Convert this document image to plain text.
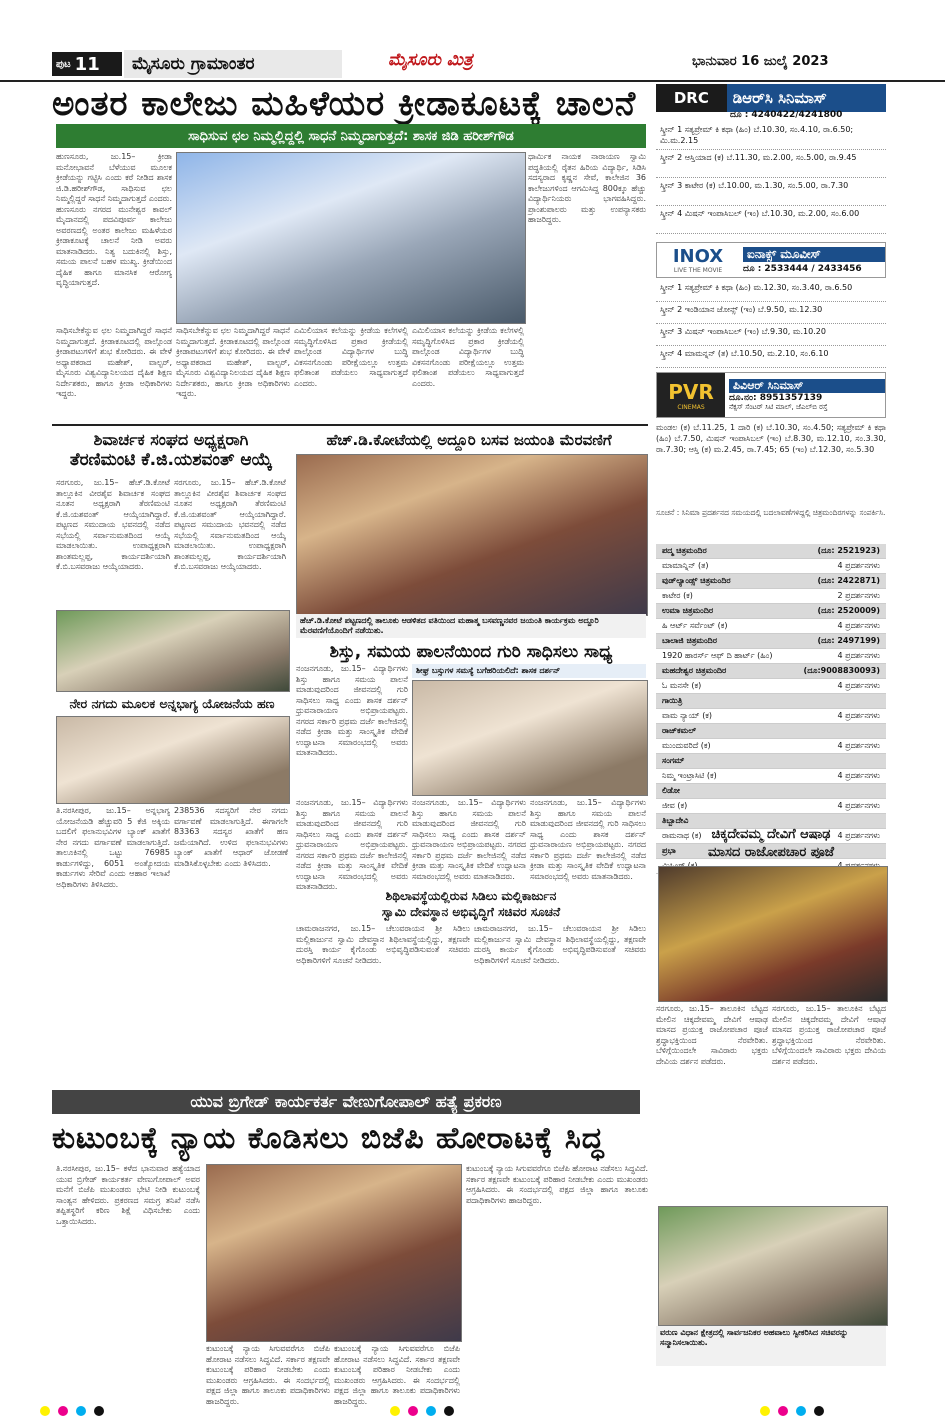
ಪುಟ 11	ಮೈಸೂರು ಗ್ರಾಮಾಂತರ	ಮೈಸೂರು ಮಿತ್ರ	ಭಾನುವಾರ 16 ಜುಲೈ 2023
ಅಂತರ ಕಾಲೇಜು ಮಹಿಳೆಯರ ಕ್ರೀಡಾಕೂಟಕ್ಕೆ ಚಾಲನೆ
ಸಾಧಿಸುವ ಛಲ ನಿಮ್ಮಲ್ಲಿದ್ದಲ್ಲಿ ಸಾಧನೆ ನಿಮ್ಮದಾಗುತ್ತದೆ: ಶಾಸಕ ಜಿಡಿ ಹರೀಶ್‍ಗೌಡ
ಹುಣಸೂರು, ಜು.15– ಕ್ರೀಡಾ ಮನೋಭಾವನೆ ಬೆಳೆಯುವ ಮೂಲಕ ಕ್ರೀಡೆಯನ್ನು ಗಟ್ಟಿಸಿ ಎಂದು ಕರೆ ನೀಡಿದ ಶಾಸಕ ಜಿ.ಡಿ.ಹರೀಶ್‍ಗೌಡ, ಸಾಧಿಸುವ ಛಲ ನಿಮ್ಮಲ್ಲಿದ್ದರೆ ಸಾಧನೆ ನಿಮ್ಮದಾಗುತ್ತದೆ ಎಂದರು. ಹುಣಸೂರು ನಗರದ ಮುನೇಶ್ವರ ಕಾವಲ್ ಮೈದಾನದಲ್ಲಿ ಪದವಿಪೂರ್ವ ಕಾಲೇಜು ಅವರಣದಲ್ಲಿ ಅಂತರ ಕಾಲೇಜು ಮಹಿಳೆಯರ ಕ್ರೀಡಾಕೂಟಕ್ಕೆ ಚಾಲನೆ ನೀಡಿ ಅವರು ಮಾತನಾಡಿದರು. ನಿತ್ಯ ಬದುಕಿನಲ್ಲಿ ಶಿಸ್ತು, ಸಮಯ ಪಾಲನೆ ಬಹಳ ಮುಖ್ಯ. ಕ್ರೀಡೆಯಿಂದ ದೈಹಿಕ ಹಾಗೂ ಮಾನಸಿಕ ಆರೋಗ್ಯ ವೃದ್ಧಿಯಾಗುತ್ತದೆ.
ಧಾರ್ಮಿಕ ನಾಯಕ ನಾರಾಯಣ ಸ್ವಾಮಿ ಪದ್ಧತಿಯಲ್ಲಿ ರೈತನ ಹಿರಿಯ ವಿದ್ಯಾರ್ಥಿ, ಸಿಡಿಸಿ ಸದಸ್ಯರಾದ ಕೃಷ್ಣನ ಸೇವೆ, ಕಾಲೇಜಿನ 36 ಕಾಲೇಜುಗಳಿಂದ ಆಗಮಿಸಿದ್ದ 800ಕ್ಕೂ ಹೆಚ್ಚು ವಿದ್ಯಾರ್ಥಿನಿಯರು ಭಾಗವಹಿಸಿದ್ದರು. ಪ್ರಾಂಶುಪಾಲರು ಮತ್ತು ಉಪನ್ಯಾಸಕರು ಹಾಜರಿದ್ದರು.
ಸಾಧಿಸಬೇಕೆನ್ನುವ ಛಲ ನಿಮ್ಮದಾಗಿದ್ದರೆ ಸಾಧನೆ ನಿಮ್ಮದಾಗುತ್ತದೆ. ಕ್ರೀಡಾಕೂಟದಲ್ಲಿ ಪಾಲ್ಗೊಂಡ ಕ್ರೀಡಾಪಟುಗಳಿಗೆ ಶುಭ ಕೋರಿದರು. ಈ ವೇಳೆ ಅಧ್ಯಾಪಕರಾದ ಮಹೇಶ್, ವಾಲ್ಟರ್, ಮೈಸೂರು ವಿಶ್ವವಿದ್ಯಾನಿಲಯದ ದೈಹಿಕ ಶಿಕ್ಷಣ ನಿರ್ದೇಶಕರು, ಹಾಗೂ ಕ್ರೀಡಾ ಅಧಿಕಾರಿಗಳು ಇದ್ದರು.
ಸಾಧಿಸಬೇಕೆನ್ನುವ ಛಲ ನಿಮ್ಮದಾಗಿದ್ದರೆ ಸಾಧನೆ ನಿಮ್ಮದಾಗುತ್ತದೆ. ಕ್ರೀಡಾಕೂಟದಲ್ಲಿ ಪಾಲ್ಗೊಂಡ ಕ್ರೀಡಾಪಟುಗಳಿಗೆ ಶುಭ ಕೋರಿದರು. ಈ ವೇಳೆ ಅಧ್ಯಾಪಕರಾದ ಮಹೇಶ್, ವಾಲ್ಟರ್, ಮೈಸೂರು ವಿಶ್ವವಿದ್ಯಾನಿಲಯದ ದೈಹಿಕ ಶಿಕ್ಷಣ ನಿರ್ದೇಶಕರು, ಹಾಗೂ ಕ್ರೀಡಾ ಅಧಿಕಾರಿಗಳು ಇದ್ದರು.
ಎಮಿಲಿಯಾಸ ಕಲೆಯನ್ನು ಕ್ರೀಡೆಯ ಕಲೆಗಳಲ್ಲಿ ಸಮೃದ್ಧಿಗೊಳಿಸಿದ ಪ್ರಕಾರ ಕ್ರೀಡೆಯಲ್ಲಿ ಪಾಲ್ಗೊಂಡ ವಿದ್ಯಾರ್ಥಿಗಳ ಬುದ್ಧಿ ವಿಕಸನಗೊಂಡು ಪರೀಕ್ಷೆಯಲ್ಲೂ ಉತ್ತಮ ಫಲಿತಾಂಶ ಪಡೆಯಲು ಸಾಧ್ಯವಾಗುತ್ತದೆ ಎಂದರು.
ಎಮಿಲಿಯಾಸ ಕಲೆಯನ್ನು ಕ್ರೀಡೆಯ ಕಲೆಗಳಲ್ಲಿ ಸಮೃದ್ಧಿಗೊಳಿಸಿದ ಪ್ರಕಾರ ಕ್ರೀಡೆಯಲ್ಲಿ ಪಾಲ್ಗೊಂಡ ವಿದ್ಯಾರ್ಥಿಗಳ ಬುದ್ಧಿ ವಿಕಸನಗೊಂಡು ಪರೀಕ್ಷೆಯಲ್ಲೂ ಉತ್ತಮ ಫಲಿತಾಂಶ ಪಡೆಯಲು ಸಾಧ್ಯವಾಗುತ್ತದೆ ಎಂದರು.
ಶಿವಾರ್ಚಕ ಸಂಘದ ಅಧ್ಯಕ್ಷರಾಗಿ
ತೆರಣಿಮಂಟಿ ಕೆ.ಜಿ.ಯಶವಂತ್ ಆಯ್ಕೆ
ಸರಗೂರು, ಜು.15– ಹೆಚ್.ಡಿ.ಕೋಟೆ ತಾಲ್ಲೂಕಿನ ವೀರಶೈವ ಶಿವಾರ್ಚಕ ಸಂಘದ ನೂತನ ಅಧ್ಯಕ್ಷರಾಗಿ ತೆರಣಿಮಂಟಿ ಕೆ.ಜಿ.ಯಶವಂತ್ ಆಯ್ಕೆಯಾಗಿದ್ದಾರೆ. ಪಟ್ಟಣದ ಸಮುದಾಯ ಭವನದಲ್ಲಿ ನಡೆದ ಸಭೆಯಲ್ಲಿ ಸರ್ವಾನುಮತದಿಂದ ಆಯ್ಕೆ ಮಾಡಲಾಯಿತು. ಉಪಾಧ್ಯಕ್ಷರಾಗಿ ಶಾಂತಮಲ್ಲಪ್ಪ, ಕಾರ್ಯದರ್ಶಿಯಾಗಿ ಕೆ.ಬಿ.ಬಸವರಾಜು ಆಯ್ಕೆಯಾದರು.
ಸರಗೂರು, ಜು.15– ಹೆಚ್.ಡಿ.ಕೋಟೆ ತಾಲ್ಲೂಕಿನ ವೀರಶೈವ ಶಿವಾರ್ಚಕ ಸಂಘದ ನೂತನ ಅಧ್ಯಕ್ಷರಾಗಿ ತೆರಣಿಮಂಟಿ ಕೆ.ಜಿ.ಯಶವಂತ್ ಆಯ್ಕೆಯಾಗಿದ್ದಾರೆ. ಪಟ್ಟಣದ ಸಮುದಾಯ ಭವನದಲ್ಲಿ ನಡೆದ ಸಭೆಯಲ್ಲಿ ಸರ್ವಾನುಮತದಿಂದ ಆಯ್ಕೆ ಮಾಡಲಾಯಿತು. ಉಪಾಧ್ಯಕ್ಷರಾಗಿ ಶಾಂತಮಲ್ಲಪ್ಪ, ಕಾರ್ಯದರ್ಶಿಯಾಗಿ ಕೆ.ಬಿ.ಬಸವರಾಜು ಆಯ್ಕೆಯಾದರು.
ಹೆಚ್.ಡಿ.ಕೋಟೆಯಲ್ಲಿ ಅದ್ದೂರಿ ಬಸವ ಜಯಂತಿ ಮೆರವಣಿಗೆ
ಹೆಚ್.ಡಿ.ಕೋಟೆ ಪಟ್ಟಣದಲ್ಲಿ ತಾಲೂಕು ಆಡಳಿತದ ವತಿಯಿಂದ ಮಹಾತ್ಮ ಬಸವಣ್ಣನವರ ಜಯಂತಿ ಕಾರ್ಯಕ್ರಮ ಅದ್ದೂರಿ ಮೆರವಣಿಗೆಯೊಂದಿಗೆ ನಡೆಯಿತು.
ಶಿಸ್ತು, ಸಮಯ ಪಾಲನೆಯಿಂದ ಗುರಿ ಸಾಧಿಸಲು ಸಾಧ್ಯ
ನಂಜನಗೂಡು, ಜು.15– ವಿದ್ಯಾರ್ಥಿಗಳು ಶಿಸ್ತು ಹಾಗೂ ಸಮಯ ಪಾಲನೆ ಮಾಡುವುದರಿಂದ ಜೀವನದಲ್ಲಿ ಗುರಿ ಸಾಧಿಸಲು ಸಾಧ್ಯ ಎಂದು ಶಾಸಕ ದರ್ಶನ್ ಧ್ರುವನಾರಾಯಣ ಅಭಿಪ್ರಾಯಪಟ್ಟರು. ನಗರದ ಸರ್ಕಾರಿ ಪ್ರಥಮ ದರ್ಜೆ ಕಾಲೇಜಿನಲ್ಲಿ ನಡೆದ ಕ್ರೀಡಾ ಮತ್ತು ಸಾಂಸ್ಕೃತಿಕ ವೇದಿಕೆ ಉದ್ಘಾಟನಾ ಸಮಾರಂಭದಲ್ಲಿ ಅವರು ಮಾತನಾಡಿದರು.
ಶೀಘ್ರ ಬಸ್ಸುಗಳ ಸಮಸ್ಯೆ ಬಗೆಹರಿಯಲಿದೆ: ಶಾಸಕ ದರ್ಶನ್
ನಂಜನಗೂಡು, ಜು.15– ವಿದ್ಯಾರ್ಥಿಗಳು ಶಿಸ್ತು ಹಾಗೂ ಸಮಯ ಪಾಲನೆ ಮಾಡುವುದರಿಂದ ಜೀವನದಲ್ಲಿ ಗುರಿ ಸಾಧಿಸಲು ಸಾಧ್ಯ ಎಂದು ಶಾಸಕ ದರ್ಶನ್ ಧ್ರುವನಾರಾಯಣ ಅಭಿಪ್ರಾಯಪಟ್ಟರು. ನಗರದ ಸರ್ಕಾರಿ ಪ್ರಥಮ ದರ್ಜೆ ಕಾಲೇಜಿನಲ್ಲಿ ನಡೆದ ಕ್ರೀಡಾ ಮತ್ತು ಸಾಂಸ್ಕೃತಿಕ ವೇದಿಕೆ ಉದ್ಘಾಟನಾ ಸಮಾರಂಭದಲ್ಲಿ ಅವರು ಮಾತನಾಡಿದರು.
ನಂಜನಗೂಡು, ಜು.15– ವಿದ್ಯಾರ್ಥಿಗಳು ಶಿಸ್ತು ಹಾಗೂ ಸಮಯ ಪಾಲನೆ ಮಾಡುವುದರಿಂದ ಜೀವನದಲ್ಲಿ ಗುರಿ ಸಾಧಿಸಲು ಸಾಧ್ಯ ಎಂದು ಶಾಸಕ ದರ್ಶನ್ ಧ್ರುವನಾರಾಯಣ ಅಭಿಪ್ರಾಯಪಟ್ಟರು. ನಗರದ ಸರ್ಕಾರಿ ಪ್ರಥಮ ದರ್ಜೆ ಕಾಲೇಜಿನಲ್ಲಿ ನಡೆದ ಕ್ರೀಡಾ ಮತ್ತು ಸಾಂಸ್ಕೃತಿಕ ವೇದಿಕೆ ಉದ್ಘಾಟನಾ ಸಮಾರಂಭದಲ್ಲಿ ಅವರು ಮಾತನಾಡಿದರು.
ನಂಜನಗೂಡು, ಜು.15– ವಿದ್ಯಾರ್ಥಿಗಳು ಶಿಸ್ತು ಹಾಗೂ ಸಮಯ ಪಾಲನೆ ಮಾಡುವುದರಿಂದ ಜೀವನದಲ್ಲಿ ಗುರಿ ಸಾಧಿಸಲು ಸಾಧ್ಯ ಎಂದು ಶಾಸಕ ದರ್ಶನ್ ಧ್ರುವನಾರಾಯಣ ಅಭಿಪ್ರಾಯಪಟ್ಟರು. ನಗರದ ಸರ್ಕಾರಿ ಪ್ರಥಮ ದರ್ಜೆ ಕಾಲೇಜಿನಲ್ಲಿ ನಡೆದ ಕ್ರೀಡಾ ಮತ್ತು ಸಾಂಸ್ಕೃತಿಕ ವೇದಿಕೆ ಉದ್ಘಾಟನಾ ಸಮಾರಂಭದಲ್ಲಿ ಅವರು ಮಾತನಾಡಿದರು.
ನೇರ ನಗದು ಮೂಲಕ ಅನ್ನಭಾಗ್ಯ ಯೋಜನೆಯ ಹಣ
ತಿ.ನರಸೀಪುರ, ಜು.15– ಅನ್ನಭಾಗ್ಯ ಯೋಜನೆಯಡಿ ಹೆಚ್ಚುವರಿ 5 ಕೆಜಿ ಅಕ್ಕಿಯ ಬದಲಿಗೆ ಫಲಾನುಭವಿಗಳ ಬ್ಯಾಂಕ್ ಖಾತೆಗೆ ನೇರ ನಗದು ವರ್ಗಾವಣೆ ಮಾಡಲಾಗುತ್ತಿದೆ. ತಾಲೂಕಿನಲ್ಲಿ ಒಟ್ಟು 76985 ಕಾರ್ಡುಗಳಿದ್ದು, 6051 ಅಂತ್ಯೋದಯ ಕಾರ್ಡುಗಳು ಸೇರಿವೆ ಎಂದು ಆಹಾರ ಇಲಾಖೆ ಅಧಿಕಾರಿಗಳು ತಿಳಿಸಿದರು.
238536 ಸದಸ್ಯರಿಗೆ ನೇರ ನಗದು ವರ್ಗಾವಣೆ ಮಾಡಲಾಗುತ್ತಿದೆ. ಈಗಾಗಲೇ 83363 ಸದಸ್ಯರ ಖಾತೆಗೆ ಹಣ ಜಮೆಯಾಗಿದೆ. ಉಳಿದ ಫಲಾನುಭವಿಗಳು ಬ್ಯಾಂಕ್ ಖಾತೆಗೆ ಆಧಾರ್ ಜೋಡಣೆ ಮಾಡಿಸಿಕೊಳ್ಳಬೇಕು ಎಂದು ತಿಳಿಸಿದರು.
ಶಿಥಿಲಾವಸ್ಥೆಯಲ್ಲಿರುವ ಸಿಡಿಲು ಮಲ್ಲಿಕಾರ್ಜುನ
ಸ್ವಾಮಿ ದೇವಸ್ಥಾನ ಅಭಿವೃದ್ಧಿಗೆ ಸಚಿವರ ಸೂಚನೆ
ಚಾಮರಾಜನಗರ, ಜು.15– ಚೆಲುವರಾಯನ ಶ್ರೀ ಸಿಡಿಲು ಮಲ್ಲಿಕಾರ್ಜುನ ಸ್ವಾಮಿ ದೇವಸ್ಥಾನ ಶಿಥಿಲಾವಸ್ಥೆಯಲ್ಲಿದ್ದು, ತಕ್ಷಣವೇ ದುರಸ್ತಿ ಕಾರ್ಯ ಕೈಗೊಂಡು ಅಭಿವೃದ್ಧಿಪಡಿಸುವಂತೆ ಸಚಿವರು ಅಧಿಕಾರಿಗಳಿಗೆ ಸೂಚನೆ ನೀಡಿದರು.
ಚಾಮರಾಜನಗರ, ಜು.15– ಚೆಲುವರಾಯನ ಶ್ರೀ ಸಿಡಿಲು ಮಲ್ಲಿಕಾರ್ಜುನ ಸ್ವಾಮಿ ದೇವಸ್ಥಾನ ಶಿಥಿಲಾವಸ್ಥೆಯಲ್ಲಿದ್ದು, ತಕ್ಷಣವೇ ದುರಸ್ತಿ ಕಾರ್ಯ ಕೈಗೊಂಡು ಅಭಿವೃದ್ಧಿಪಡಿಸುವಂತೆ ಸಚಿವರು ಅಧಿಕಾರಿಗಳಿಗೆ ಸೂಚನೆ ನೀಡಿದರು.
DRC	ಡಿಆರ್‌ಸಿ ಸಿನಿಮಾಸ್
ದೂ : 4240422/4241800
ಸ್ಕ್ರೀನ್ 1 ಸತ್ಯಪ್ರೇಮ್ ಕಿ ಕಥಾ (ಹಿಂ) ಬೆ.10.30, ಸಂ.4.10, ರಾ.6.50; ಮಿ.ಮ.2.15
ಸ್ಕ್ರೀನ್ 2 ಆಸ್ತಿಯಾದ (ಕ) ಬೆ.11.30, ಮ.2.00, ಸಂ.5.00, ರಾ.9.45
ಸ್ಕ್ರೀನ್ 3 ಕಾಟೇರ (ಕ) ಬೆ.10.00, ಮ.1.30, ಸಂ.5.00, ರಾ.7.30
ಸ್ಕ್ರೀನ್ 4 ಮಿಷನ್ ಇಂಪಾಸಿಬಲ್ (ಇಂ) ಬೆ.10.30, ಮ.2.00, ಸಂ.6.00
INOX
LIVE THE MOVIE
ಐನಾಕ್ಸ್ ಮೂವೀಸ್
ದೂ : 2533444 / 2433456
ಸ್ಕ್ರೀನ್ 1 ಸತ್ಯಪ್ರೇಮ್ ಕಿ ಕಥಾ (ಹಿಂ) ಮ.12.30, ಸಂ.3.40, ರಾ.6.50
ಸ್ಕ್ರೀನ್ 2 ಇಂಡಿಯಾನ ಜೋನ್ಸ್ (ಇಂ) ಬೆ.9.50, ಮ.12.30
ಸ್ಕ್ರೀನ್ 3 ಮಿಷನ್ ಇಂಪಾಸಿಬಲ್ (ಇಂ) ಬೆ.9.30, ಮ.10.20
ಸ್ಕ್ರೀನ್ 4 ಮಾಮನ್ನನ್ (ತ) ಬೆ.10.50, ಮ.2.10, ಸಂ.6.10
PVR
CINEMAS
ಪಿವಿಆರ್ ಸಿನಿಮಾಸ್
ದೂ.ನಂ: 8951357139
ನೆಕ್ಸಸ್ ಸೆಂಟರ್ ಸಿಟಿ ಮಾಲ್, ಜೆ‌ಎಲ್‌ಬಿ ರಸ್ತೆ
ಮಂಡಲ (ಕ) ಬೆ.11.25, 1 ದಾರಿ (ಕ) ಬೆ.10.30, ಸಂ.4.50; ಸತ್ಯಪ್ರೇಮ್ ಕಿ ಕಥಾ (ಹಿಂ) ಬೆ.7.50, ಮಿಷನ್ ಇಂಪಾಸಿಬಲ್ (ಇಂ) ಬೆ.8.30, ಮ.12.10, ಸಂ.3.30, ರಾ.7.30; ಆಸ್ತಿ (ಕ) ಮ.2.45, ರಾ.7.45; 65 (ಇಂ) ಬೆ.12.30, ಸಂ.5.30
ಸೂಚನೆ : ಸಿನಿಮಾ ಪ್ರದರ್ಶನದ ಸಮಯದಲ್ಲಿ ಬದಲಾವಣೆಗಳಿದ್ದಲ್ಲಿ ಚಿತ್ರಮಂದಿರಗಳನ್ನು ಸಂಪರ್ಕಿಸಿ.
ಪದ್ಮ ಚಿತ್ರಮಂದಿರ	(ದೂ: 2521923)
ಮಾಮಾನ್ನಿನ್ (ತ)	4 ಪ್ರದರ್ಶನಗಳು
ವುಡ್‌ಲ್ಯಾಂಡ್ಸ್ ಚಿತ್ರಮಂದಿರ	(ದೂ: 2422871)
ಕಾಟೇರ (ಕ)	2 ಪ್ರದರ್ಶನಗಳು
ಉಮಾ ಚಿತ್ರಮಂದಿರ	(ದೂ: 2520009)
ಹಿ ಆರ್ಟ್ ಸರ್ವೆಂಟ್ (ಕ)	4 ಪ್ರದರ್ಶನಗಳು
ಬಾಲಾಜಿ ಚಿತ್ರಮಂದಿರ	(ದೂ: 2497199)
1920 ಹಾರರ್ಸ್ ಆಫ್ ದಿ ಹಾರ್ಟ್ (ಹಿಂ)	4 ಪ್ರದರ್ಶನಗಳು
ಮಹದೇಶ್ವರ ಚಿತ್ರಮಂದಿರ	(ದೂ:9008830093)
ಓ ಮನಸೇ (ಕ)	4 ಪ್ರದರ್ಶನಗಳು
ಗಾಯಿತ್ರಿ
ವಾಮ ನ್ಯಾಯ್ (ಕ)	4 ಪ್ರದರ್ಶನಗಳು
ರಾಜ್‌ಕಮಲ್
ಮುಂದುವರಿದೆ (ಕ)	4 ಪ್ರದರ್ಶನಗಳು
ಸಂಗಮ್
ನಿಮ್ಮ ಇಂಟ್ರಾಸಿಟಿ (ಕ)	4 ಪ್ರದರ್ಶನಗಳು
ಲಿಡೋ
ಜೀವ (ಕ)	4 ಪ್ರದರ್ಶನಗಳು
ತಿಬ್ಬಾದೇವಿ
ರಾಮನಾಥ (ಕ)	4 ಪ್ರದರ್ಶನಗಳು
ಪ್ರಭಾ
ಚಿಕ್ಕದೇವಮ್ಮ ದೇವಿಗೆ ಆಷಾಢ
ಮಾಸದ ರಾಜೋಪಚಾರ ಪೂಜೆ
ಸರಗೂರು, ಜು.15– ತಾಲೂಕಿನ ಬೆಟ್ಟದ ಮೇಲಿನ ಚಿಕ್ಕದೇವಮ್ಮ ದೇವಿಗೆ ಆಷಾಢ ಮಾಸದ ಪ್ರಯುಕ್ತ ರಾಜೋಪಚಾರ ಪೂಜೆ ಶ್ರದ್ಧಾಭಕ್ತಿಯಿಂದ ನೆರವೇರಿತು. ಬೆಳಿಗ್ಗೆಯಿಂದಲೇ ಸಾವಿರಾರು ಭಕ್ತರು ದೇವಿಯ ದರ್ಶನ ಪಡೆದರು.
ಸರಗೂರು, ಜು.15– ತಾಲೂಕಿನ ಬೆಟ್ಟದ ಮೇಲಿನ ಚಿಕ್ಕದೇವಮ್ಮ ದೇವಿಗೆ ಆಷಾಢ ಮಾಸದ ಪ್ರಯುಕ್ತ ರಾಜೋಪಚಾರ ಪೂಜೆ ಶ್ರದ್ಧಾಭಕ್ತಿಯಿಂದ ನೆರವೇರಿತು. ಬೆಳಿಗ್ಗೆಯಿಂದಲೇ ಸಾವಿರಾರು ಭಕ್ತರು ದೇವಿಯ ದರ್ಶನ ಪಡೆದರು.
ವರುಣ ವಿಧಾನ ಕ್ಷೇತ್ರದಲ್ಲಿ ಸಾರ್ವಜನಿಕರ ಅಹವಾಲು ಸ್ವೀಕರಿಸಿದ ಸಚಿವರನ್ನು ಸನ್ಮಾನಿಸಲಾಯಿತು.
ಯುವ ಬ್ರಿಗೇಡ್ ಕಾರ್ಯಕರ್ತ ವೇಣುಗೋಪಾಲ್ ಹತ್ಯೆ ಪ್ರಕರಣ
ಕುಟುಂಬಕ್ಕೆ ನ್ಯಾಯ ಕೊಡಿಸಲು ಬಿಜೆಪಿ ಹೋರಾಟಕ್ಕೆ ಸಿದ್ಧ
ತಿ.ನರಸೀಪುರ, ಜು.15– ಕಳೆದ ಭಾನುವಾರ ಹತ್ಯೆಯಾದ ಯುವ ಬ್ರಿಗೇಡ್ ಕಾರ್ಯಕರ್ತ ವೇಣುಗೋಪಾಲ್ ಅವರ ಮನೆಗೆ ಬಿಜೆಪಿ ಮುಖಂಡರು ಭೇಟಿ ನೀಡಿ ಕುಟುಂಬಕ್ಕೆ ಸಾಂತ್ವನ ಹೇಳಿದರು. ಪ್ರಕರಣದ ಸಮಗ್ರ ತನಿಖೆ ನಡೆಸಿ ತಪ್ಪಿತಸ್ಥರಿಗೆ ಕಠಿಣ ಶಿಕ್ಷೆ ವಿಧಿಸಬೇಕು ಎಂದು ಒತ್ತಾಯಿಸಿದರು.
ಕುಟುಂಬಕ್ಕೆ ನ್ಯಾಯ ಸಿಗುವವರೆಗೂ ಬಿಜೆಪಿ ಹೋರಾಟ ನಡೆಸಲು ಸಿದ್ಧವಿದೆ. ಸರ್ಕಾರ ತಕ್ಷಣವೇ ಕುಟುಂಬಕ್ಕೆ ಪರಿಹಾರ ನೀಡಬೇಕು ಎಂದು ಮುಖಂಡರು ಆಗ್ರಹಿಸಿದರು. ಈ ಸಂದರ್ಭದಲ್ಲಿ ಪಕ್ಷದ ಜಿಲ್ಲಾ ಹಾಗೂ ತಾಲೂಕು ಪದಾಧಿಕಾರಿಗಳು ಹಾಜರಿದ್ದರು.
ಕುಟುಂಬಕ್ಕೆ ನ್ಯಾಯ ಸಿಗುವವರೆಗೂ ಬಿಜೆಪಿ ಹೋರಾಟ ನಡೆಸಲು ಸಿದ್ಧವಿದೆ. ಸರ್ಕಾರ ತಕ್ಷಣವೇ ಕುಟುಂಬಕ್ಕೆ ಪರಿಹಾರ ನೀಡಬೇಕು ಎಂದು ಮುಖಂಡರು ಆಗ್ರಹಿಸಿದರು. ಈ ಸಂದರ್ಭದಲ್ಲಿ ಪಕ್ಷದ ಜಿಲ್ಲಾ ಹಾಗೂ ತಾಲೂಕು ಪದಾಧಿಕಾರಿಗಳು ಹಾಜರಿದ್ದರು.
ಕುಟುಂಬಕ್ಕೆ ನ್ಯಾಯ ಸಿಗುವವರೆಗೂ ಬಿಜೆಪಿ ಹೋರಾಟ ನಡೆಸಲು ಸಿದ್ಧವಿದೆ. ಸರ್ಕಾರ ತಕ್ಷಣವೇ ಕುಟುಂಬಕ್ಕೆ ಪರಿಹಾರ ನೀಡಬೇಕು ಎಂದು ಮುಖಂಡರು ಆಗ್ರಹಿಸಿದರು. ಈ ಸಂದರ್ಭದಲ್ಲಿ ಪಕ್ಷದ ಜಿಲ್ಲಾ ಹಾಗೂ ತಾಲೂಕು ಪದಾಧಿಕಾರಿಗಳು ಹಾಜರಿದ್ದರು.
